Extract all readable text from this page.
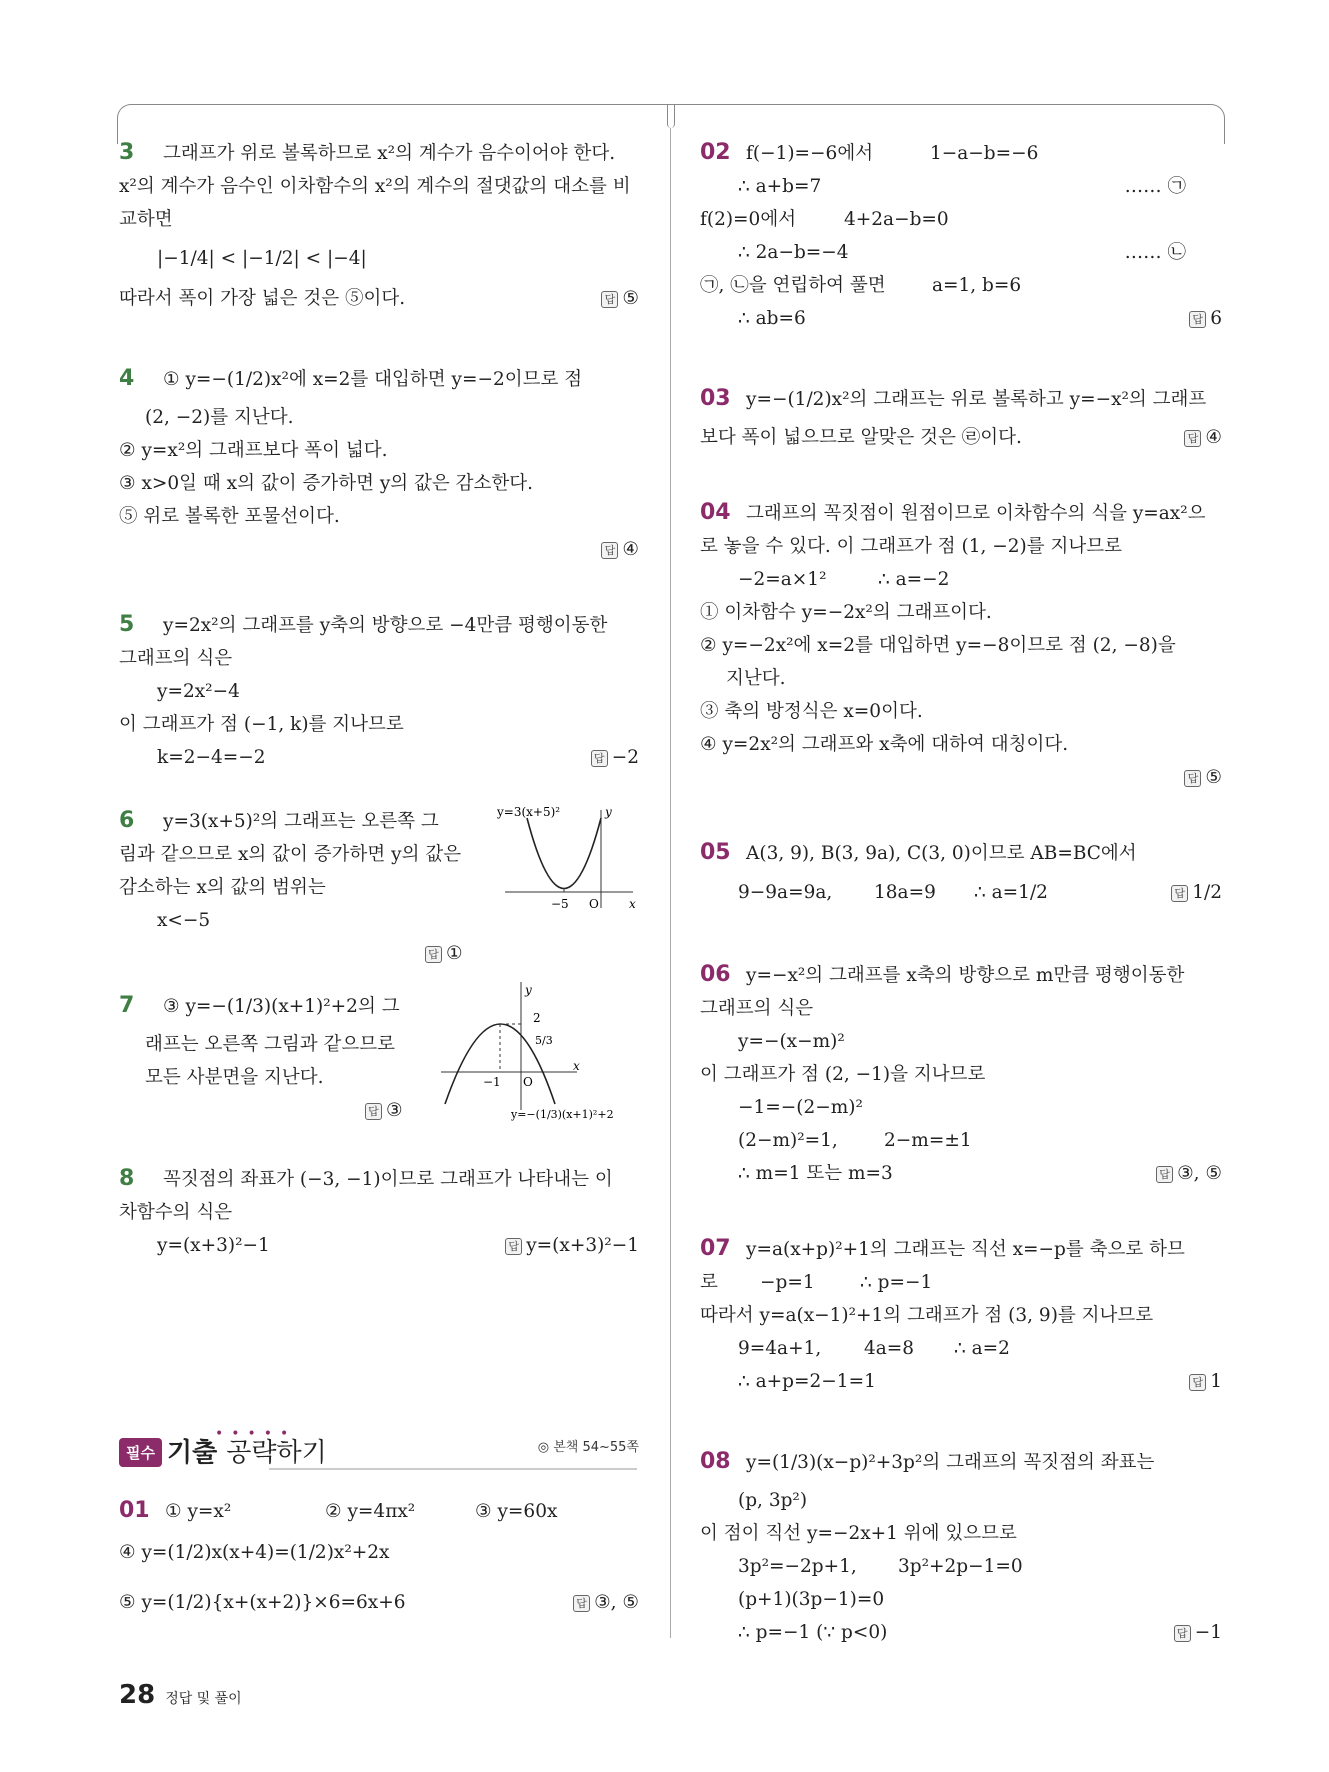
3 그래프가 위로 볼록하므로 x²의 계수가 음수이어야 한다.
x²의 계수가 음수인 이차함수의 x²의 계수의 절댓값의 대소를 비
교하면
|−1/4| < |−1/2| < |−4|
따라서 폭이 가장 넓은 것은 ⑤이다.	답 ⑤
4 ① y=−(1/2)x²에 x=2를 대입하면 y=−2이므로 점
(2, −2)를 지난다.
② y=x²의 그래프보다 폭이 넓다.
③ x>0일 때 x의 값이 증가하면 y의 값은 감소한다.
⑤ 위로 볼록한 포물선이다.
답 ④

5 y=2x²의 그래프를 y축의 방향으로 −4만큼 평행이동한
그래프의 식은
y=2x²−4
이 그래프가 점 (−1, k)를 지나므로
k=2−4=−2	답 −2
6 y=3(x+5)²의 그래프는 오른쪽 그
림과 같으므로 x의 값이 증가하면 y의 값은
감소하는 x의 값의 범위는
x<−5
답 ①
y=3(x+5)²	y
x
O
−5
7 ③ y=−(1/3)(x+1)²+2의 그
래프는 오른쪽 그림과 같으므로
모든 사분면을 지난다.
답 ③
y
x
O
−1
2
5/3
y=−(1/3)(x+1)²+2
8 꼭짓점의 좌표가 (−3, −1)이므로 그래프가 나타내는 이
차함수의 식은
y=(x+3)²−1	답 y=(x+3)²−1
필수
•••••
기출 공략하기	◎ 본책 54~55쪽
01 ① y=x²	② y=4πx²	③ y=60x
④ y=(1/2)x(x+4)=(1/2)x²+2x
⑤ y=(1/2){x+(x+2)}×6=6x+6	답 ③, ⑤
02 f(−1)=−6에서	1−a−b=−6
∴ a+b=7	…… ㉠
f(2)=0에서	4+2a−b=0
∴ 2a−b=−4	…… ㉡
㉠, ㉡을 연립하여 풀면	a=1, b=6
∴ ab=6	답 6
03 y=−(1/2)x²의 그래프는 위로 볼록하고 y=−x²의 그래프
보다 폭이 넓으므로 알맞은 것은 ㉣이다.	답 ④
04 그래프의 꼭짓점이 원점이므로 이차함수의 식을 y=ax²으
로 놓을 수 있다. 이 그래프가 점 (1, −2)를 지나므로
−2=a×1²	∴ a=−2
① 이차함수 y=−2x²의 그래프이다.
② y=−2x²에 x=2를 대입하면 y=−8이므로 점 (2, −8)을
지난다.
③ 축의 방정식은 x=0이다.
④ y=2x²의 그래프와 x축에 대하여 대칭이다.
답 ⑤

05 A(3, 9), B(3, 9a), C(3, 0)이므로 AB=BC에서
9−9a=9a, 18a=9 ∴ a=1/2	답 1/2
06 y=−x²의 그래프를 x축의 방향으로 m만큼 평행이동한
그래프의 식은
y=−(x−m)²
이 그래프가 점 (2, −1)을 지나므로
−1=−(2−m)²
(2−m)²=1, 2−m=±1
∴ m=1 또는 m=3	답 ③, ⑤
07 y=a(x+p)²+1의 그래프는 직선 x=−p를 축으로 하므
로 −p=1 ∴ p=−1
따라서 y=a(x−1)²+1의 그래프가 점 (3, 9)를 지나므로
9=4a+1, 4a=8 ∴ a=2
∴ a+p=2−1=1	답 1
08 y=(1/3)(x−p)²+3p²의 그래프의 꼭짓점의 좌표는
(p, 3p²)
이 점이 직선 y=−2x+1 위에 있으므로
3p²=−2p+1, 3p²+2p−1=0
(p+1)(3p−1)=0
∴ p=−1 (∵ p<0)	답 −1
28 정답 및 풀이
